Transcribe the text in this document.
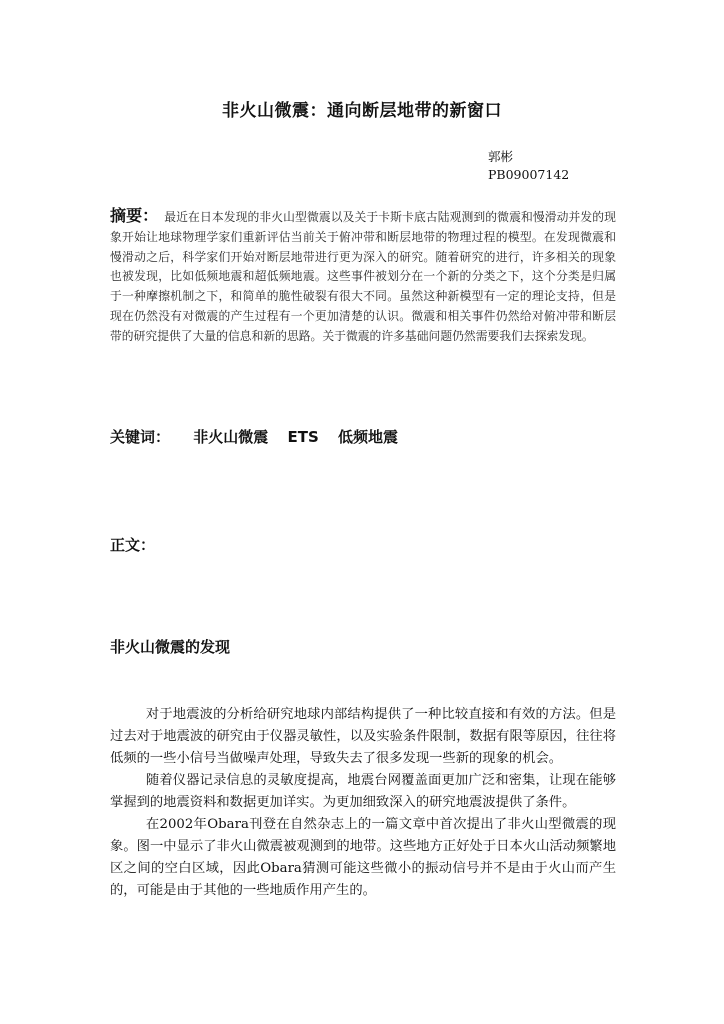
非火山微震：通向断层地带的新窗口
郭彬
PB09007142
摘要： 最近在日本发现的非火山型微震以及关于卡斯卡底古陆观测到的微震和慢滑动并发的现象开始让地球物理学家们重新评估当前关于俯冲带和断层地带的物理过程的模型。在发现微震和慢滑动之后，科学家们开始对断层地带进行更为深入的研究。随着研究的进行，许多相关的现象也被发现，比如低频地震和超低频地震。这些事件被划分在一个新的分类之下，这个分类是归属于一种摩擦机制之下，和简单的脆性破裂有很大不同。虽然这种新模型有一定的理论支持，但是现在仍然没有对微震的产生过程有一个更加清楚的认识。微震和相关事件仍然给对俯冲带和断层带的研究提供了大量的信息和新的思路。关于微震的许多基础问题仍然需要我们去探索发现。
关键词： 非火山微震 ETS 低频地震
正文：
非火山微震的发现

对于地震波的分析给研究地球内部结构提供了一种比较直接和有效的方法。但是过去对于地震波的研究由于仪器灵敏性，以及实验条件限制，数据有限等原因，往往将低频的一些小信号当做噪声处理，导致失去了很多发现一些新的现象的机会。

随着仪器记录信息的灵敏度提高，地震台网覆盖面更加广泛和密集，让现在能够掌握到的地震资料和数据更加详实。为更加细致深入的研究地震波提供了条件。

在2002年Obara刊登在自然杂志上的一篇文章中首次提出了非火山型微震的现象。图一中显示了非火山微震被观测到的地带。这些地方正好处于日本火山活动频繁地区之间的空白区域，因此Obara猜测可能这些微小的振动信号并不是由于火山而产生的，可能是由于其他的一些地质作用产生的。
